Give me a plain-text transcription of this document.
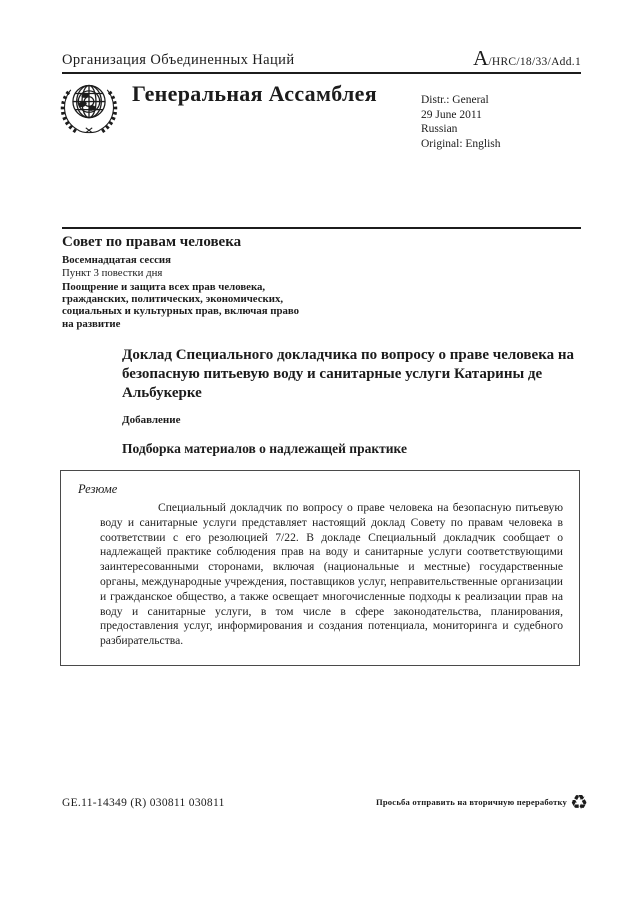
Организация Объединенных Наций	A/HRC/18/33/Add.1
Генеральная Ассамблея	Distr.: General
29 June 2011
Russian
Original: English
Совет по правам человека
Восемнадцатая сессия
Пункт 3 повестки дня
Поощрение и защита всех прав человека, гражданских, политических, экономических, социальных и культурных прав, включая право на развитие
Доклад Специального докладчика по вопросу о праве человека на безопасную питьевую воду и санитарные услуги Катарины де Альбукерке
Добавление
Подборка материалов о надлежащей практике
Резюме
Специальный докладчик по вопросу о праве человека на безопасную питьевую воду и санитарные услуги представляет настоящий доклад Совету по правам человека в соответствии с его резолюцией 7/22. В докладе Специальный докладчик сообщает о надлежащей практике соблюдения прав на воду и санитарные услуги соответствующими заинтересованными сторонами, включая (национальные и местные) государственные органы, международные учреждения, поставщиков услуг, неправительственные организации и гражданское общество, а также освещает многочисленные подходы к реализации прав на воду и санитарные услуги, в том числе в сфере законодательства, планирования, предоставления услуг, информирования и создания потенциала, мониторинга и судебного разбирательства.
GE.11-14349 (R) 030811 030811	Просьба отправить на вторичную переработку ♻
